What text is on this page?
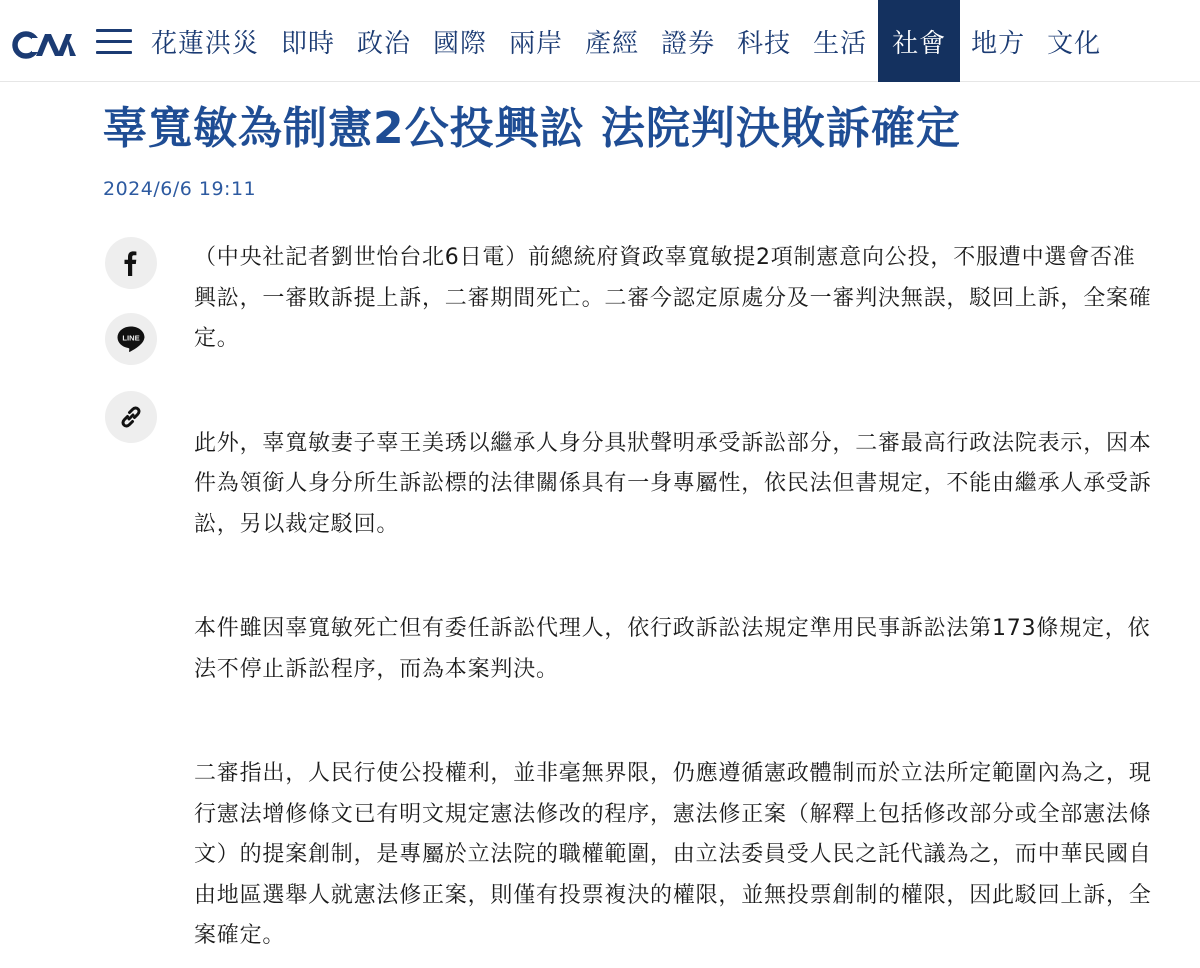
花蓮洪災 即時 政治 國際 兩岸 產經 證券 科技 生活 社會 地方 文化
辜寬敏為制憲2公投興訟 法院判決敗訴確定
2024/6/6 19:11
LINE

（中央社記者劉世怡台北6日電）前總統府資政辜寬敏提2項制憲意向公投，不服遭中選會否准興訟，一審敗訴提上訴，二審期間死亡。二審今認定原處分及一審判決無誤，駁回上訴，全案確定。

此外，辜寬敏妻子辜王美琇以繼承人身分具狀聲明承受訴訟部分，二審最高行政法院表示，因本件為領銜人身分所生訴訟標的法律關係具有一身專屬性，依民法但書規定，不能由繼承人承受訴訟，另以裁定駁回。

本件雖因辜寬敏死亡但有委任訴訟代理人，依行政訴訟法規定準用民事訴訟法第173條規定，依法不停止訴訟程序，而為本案判決。

二審指出，人民行使公投權利，並非毫無界限，仍應遵循憲政體制而於立法所定範圍內為之，現行憲法增修條文已有明文規定憲法修改的程序，憲法修正案（解釋上包括修改部分或全部憲法條文）的提案創制，是專屬於立法院的職權範圍，由立法委員受人民之託代議為之，而中華民國自由地區選舉人就憲法修正案，則僅有投票複決的權限，並無投票創制的權限，因此駁回上訴，全案確定。
